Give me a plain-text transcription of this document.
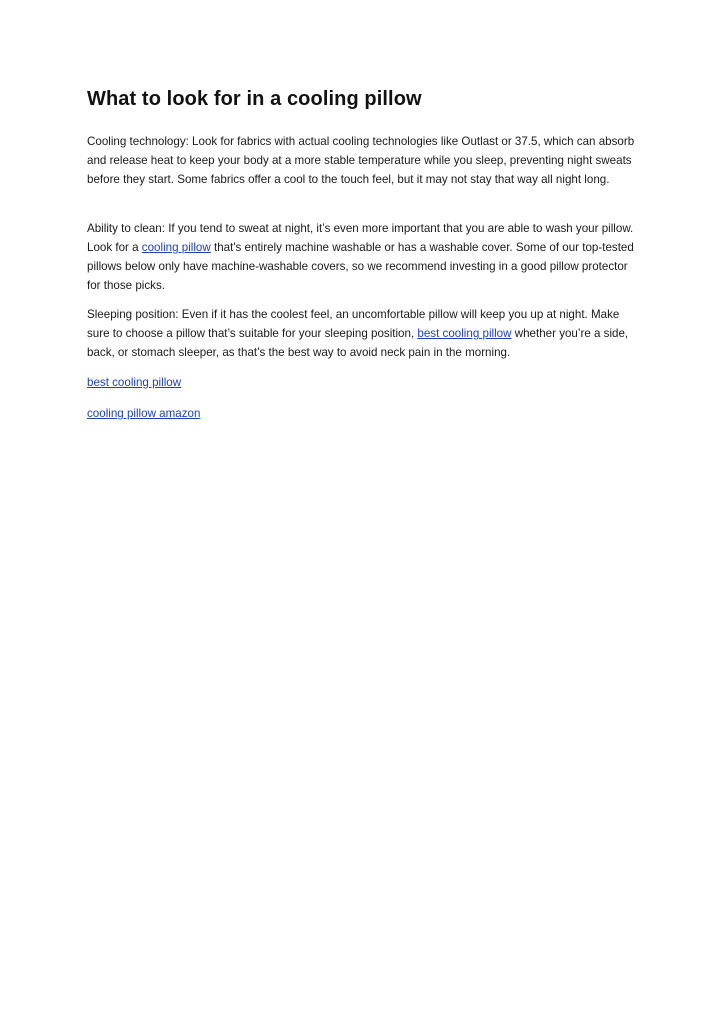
What to look for in a cooling pillow

Cooling technology: Look for fabrics with actual cooling technologies like Outlast or 37.5, which can absorb and release heat to keep your body at a more stable temperature while you sleep, preventing night sweats before they start. Some fabrics offer a cool to the touch feel, but it may not stay that way all night long.

Ability to clean: If you tend to sweat at night, it’s even more important that you are able to wash your pillow. Look for a cooling pillow that's entirely machine washable or has a washable cover. Some of our top-tested pillows below only have machine-washable covers, so we recommend investing in a good pillow protector for those picks.

Sleeping position: Even if it has the coolest feel, an uncomfortable pillow will keep you up at night. Make sure to choose a pillow that’s suitable for your sleeping position, best cooling pillow whether you’re a side, back, or stomach sleeper, as that’s the best way to avoid neck pain in the morning.

best cooling pillow

cooling pillow amazon
